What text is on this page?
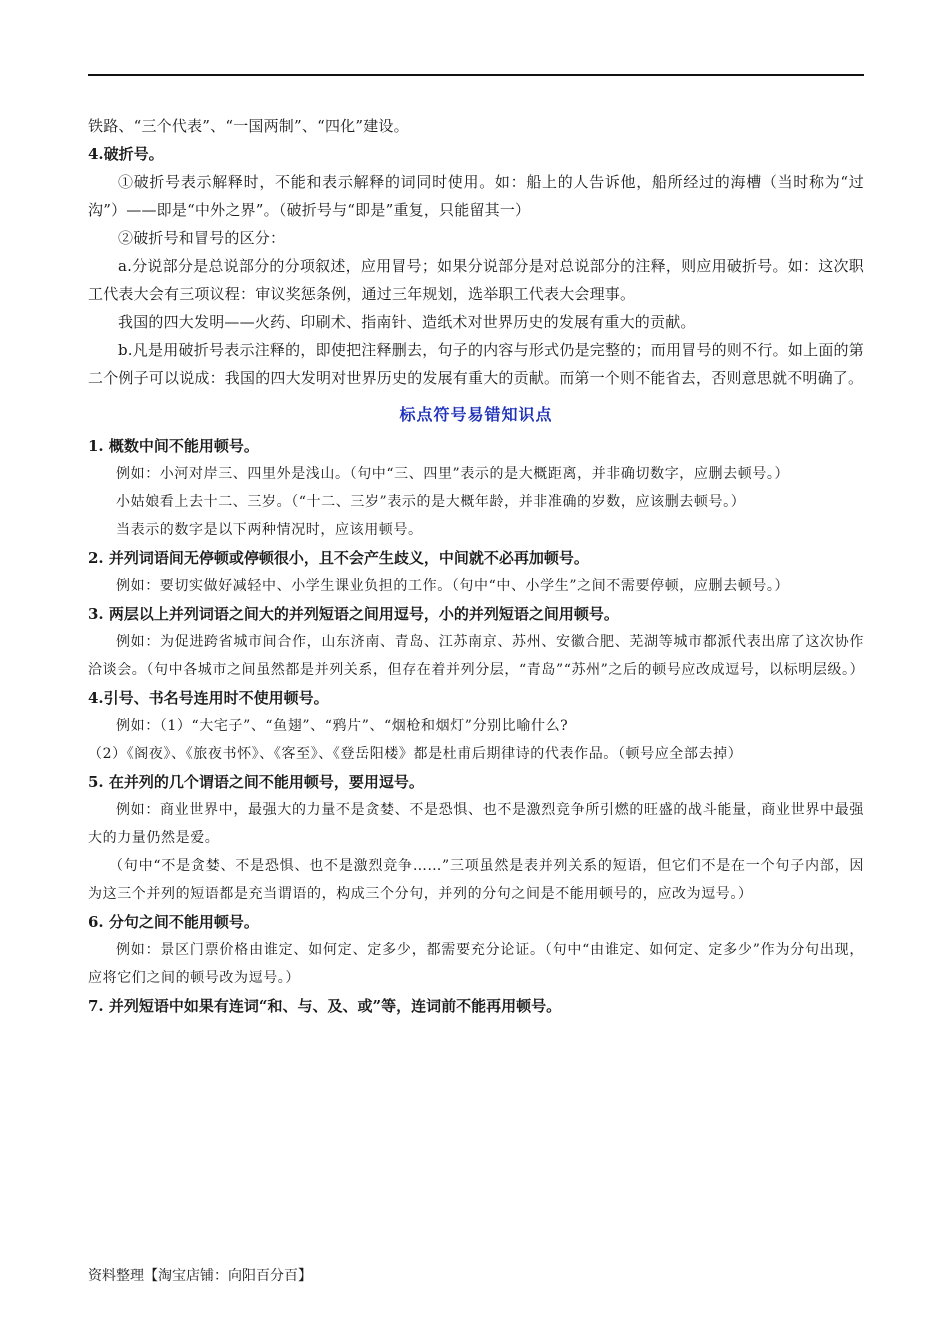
铁路、“三个代表”、“一国两制”、“四化”建设。

4.破折号。

①破折号表示解释时，不能和表示解释的词同时使用。如：船上的人告诉他，船所经过的海槽（当时称为“过沟”）——即是“中外之界”。（破折号与“即是”重复，只能留其一）

②破折号和冒号的区分：

a.分说部分是总说部分的分项叙述，应用冒号；如果分说部分是对总说部分的注释，则应用破折号。如：这次职工代表大会有三项议程：审议奖惩条例，通过三年规划，选举职工代表大会理事。

我国的四大发明——火药、印刷术、指南针、造纸术对世界历史的发展有重大的贡献。

b.凡是用破折号表示注释的，即使把注释删去，句子的内容与形式仍是完整的；而用冒号的则不行。如上面的第二个例子可以说成：我国的四大发明对世界历史的发展有重大的贡献。而第一个则不能省去，否则意思就不明确了。

标点符号易错知识点

1. 概数中间不能用顿号。

例如：小河对岸三、四里外是浅山。（句中“三、四里”表示的是大概距离，并非确切数字，应删去顿号。）

小姑娘看上去十二、三岁。（“十二、三岁”表示的是大概年龄，并非准确的岁数，应该删去顿号。）

当表示的数字是以下两种情况时，应该用顿号。

2. 并列词语间无停顿或停顿很小，且不会产生歧义，中间就不必再加顿号。

例如：要切实做好减轻中、小学生课业负担的工作。（句中“中、小学生”之间不需要停顿，应删去顿号。）

3. 两层以上并列词语之间大的并列短语之间用逗号，小的并列短语之间用顿号。

例如：为促进跨省城市间合作，山东济南、青岛、江苏南京、苏州、安徽合肥、芜湖等城市都派代表出席了这次协作洽谈会。（句中各城市之间虽然都是并列关系，但存在着并列分层，“青岛”“苏州”之后的顿号应改成逗号，以标明层级。）

4.引号、书名号连用时不使用顿号。

例如：（1）“大宅子”、“鱼翅”、“鸦片”、“烟枪和烟灯”分别比喻什么?

（2）《阁夜》、《旅夜书怀》、《客至》、《登岳阳楼》都是杜甫后期律诗的代表作品。（顿号应全部去掉）

5. 在并列的几个谓语之间不能用顿号，要用逗号。

例如：商业世界中，最强大的力量不是贪婪、不是恐惧、也不是激烈竞争所引燃的旺盛的战斗能量，商业世界中最强大的力量仍然是爱。

（句中“不是贪婪、不是恐惧、也不是激烈竞争……”三项虽然是表并列关系的短语，但它们不是在一个句子内部，因为这三个并列的短语都是充当谓语的，构成三个分句，并列的分句之间是不能用顿号的，应改为逗号。）

6. 分句之间不能用顿号。

例如：景区门票价格由谁定、如何定、定多少，都需要充分论证。（句中“由谁定、如何定、定多少”作为分句出现，应将它们之间的顿号改为逗号。）

7. 并列短语中如果有连词“和、与、及、或”等，连词前不能再用顿号。

资料整理【淘宝店铺：向阳百分百】
